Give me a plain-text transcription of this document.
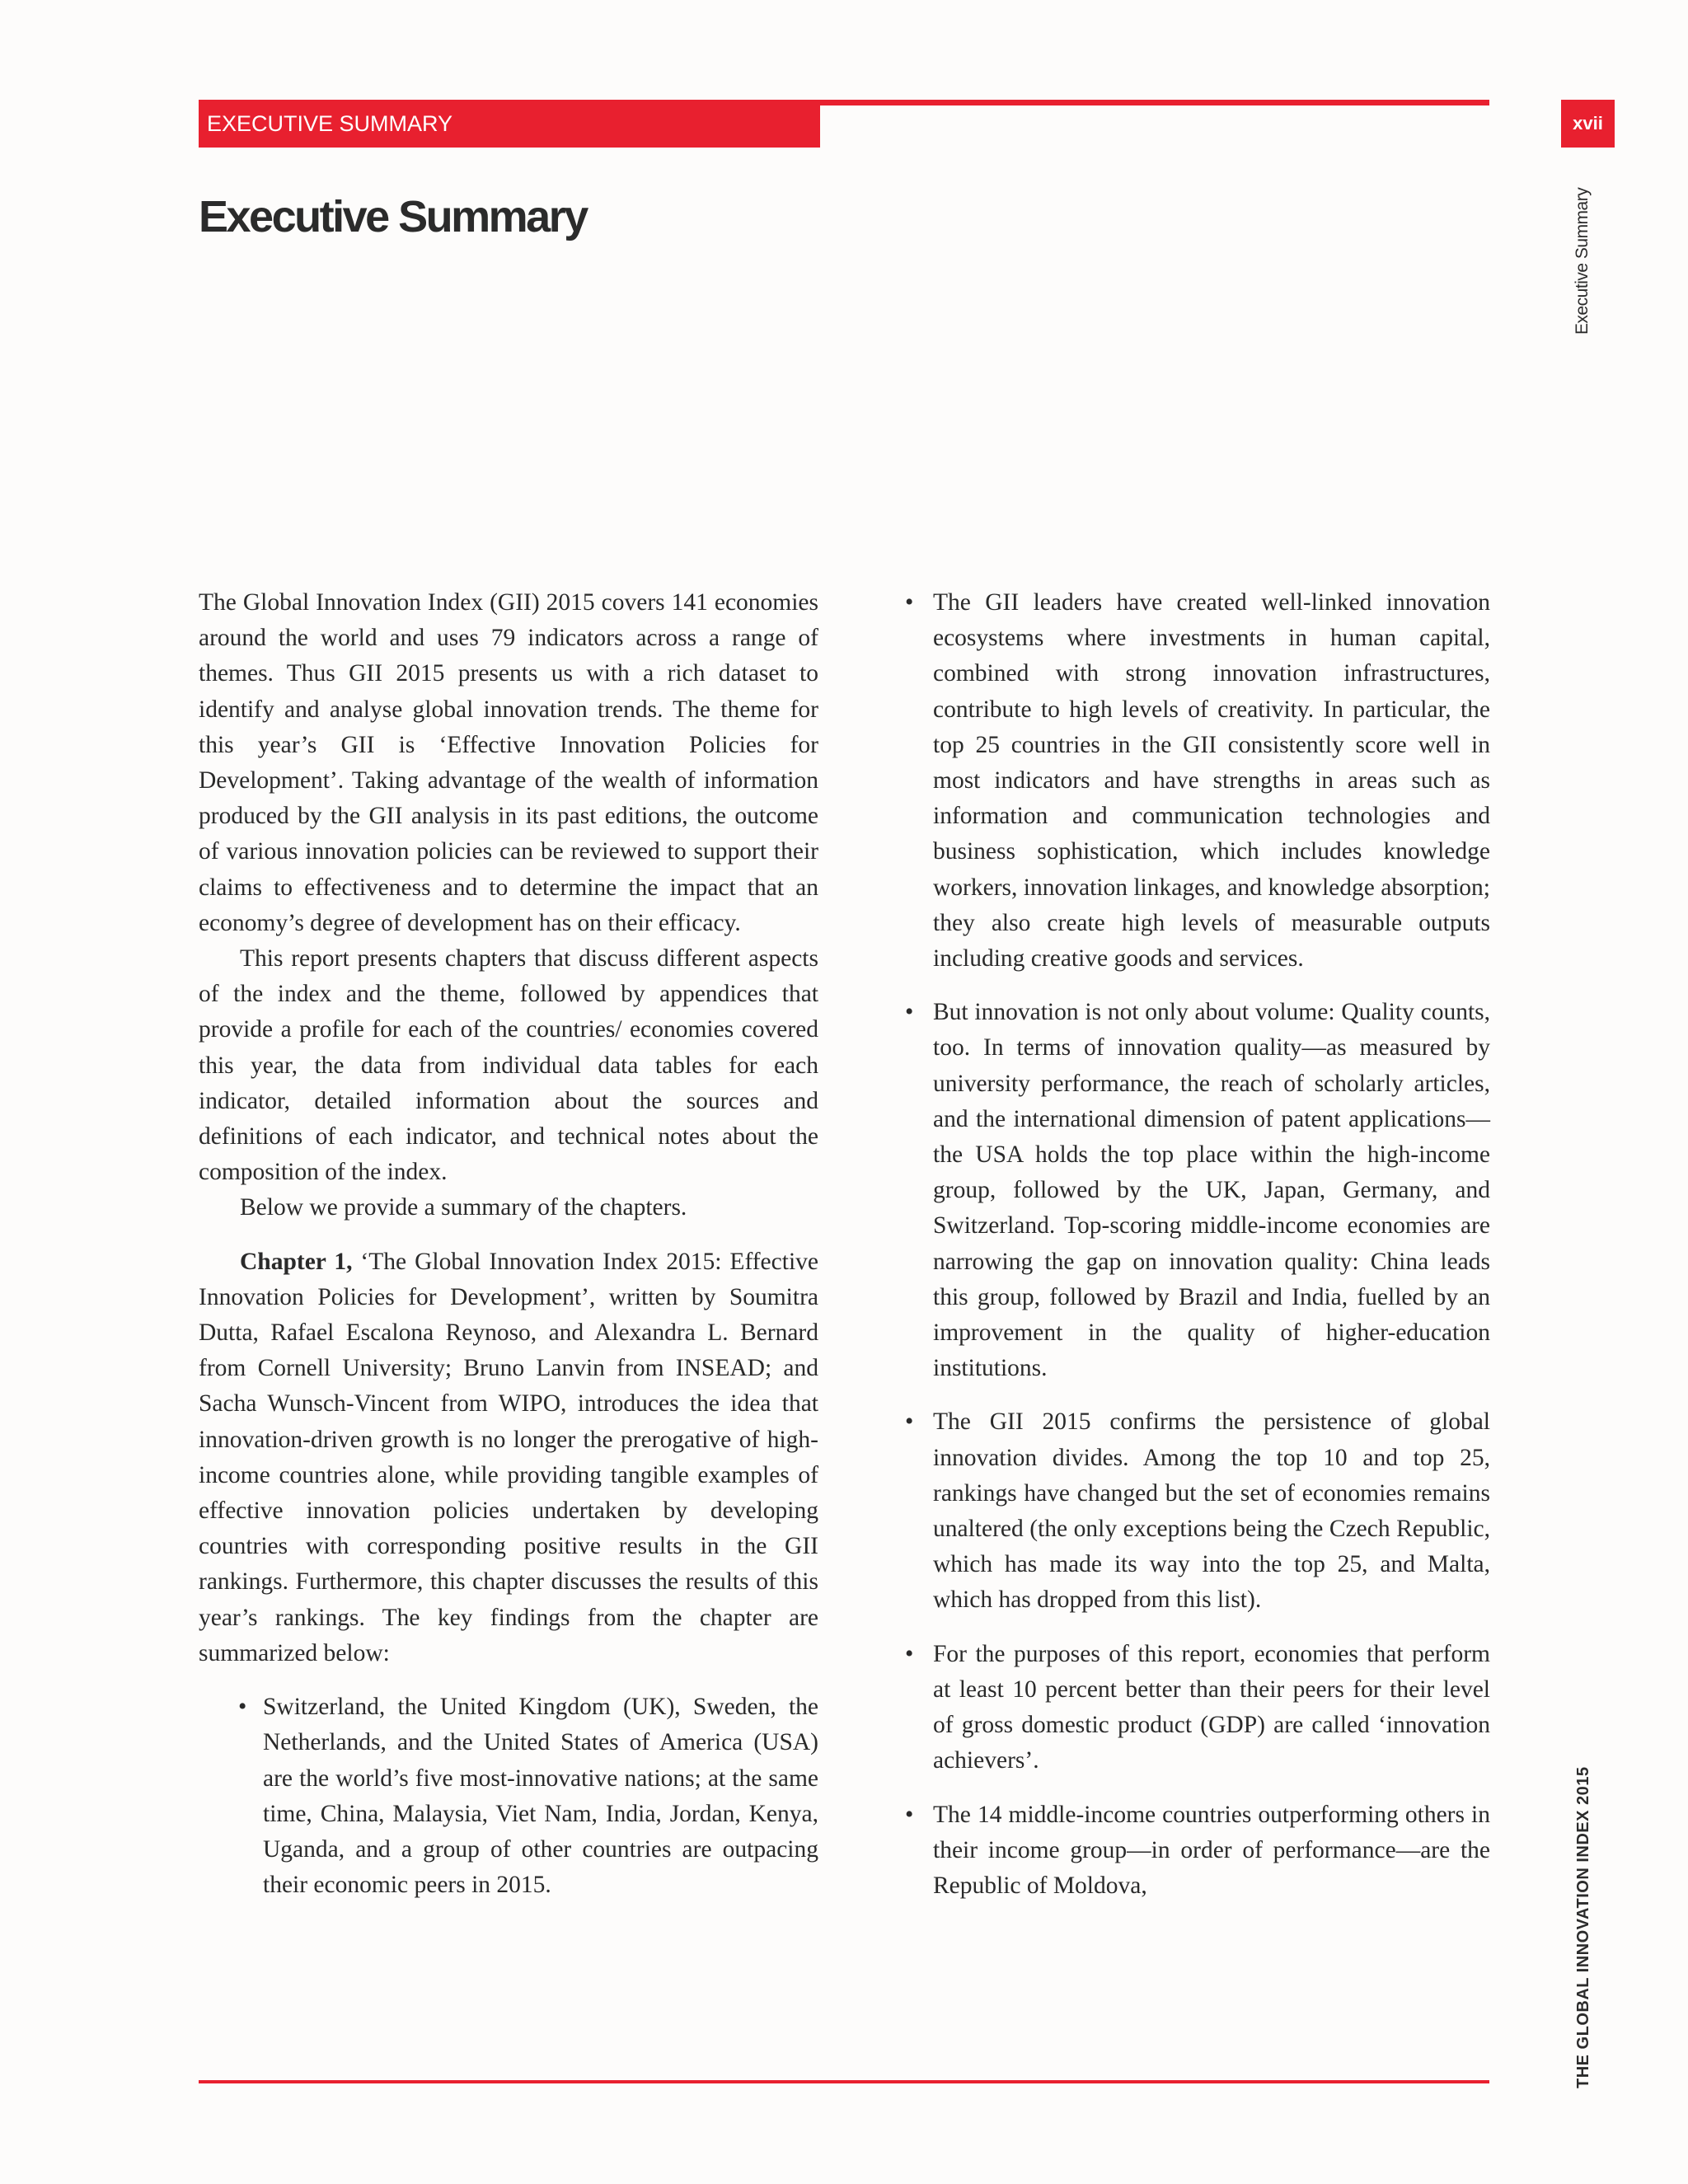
EXECUTIVE SUMMARY	xvii
Executive Summary	Executive Summary
THE GLOBAL INNOVATION INDEX 2015

The Global Innovation Index (GII) 2015 covers 141 economies around the world and uses 79 indicators across a range of themes. Thus GII 2015 presents us with a rich dataset to identify and analyse global innovation trends. The theme for this year’s GII is ‘Effective Innovation Policies for Development’. Taking advantage of the wealth of information produced by the GII analysis in its past editions, the outcome of various innovation policies can be reviewed to support their claims to effectiveness and to determine the impact that an economy’s degree of development has on their efficacy.

This report presents chapters that discuss different aspects of the index and the theme, followed by appendices that provide a profile for each of the countries/ economies covered this year, the data from individual data tables for each indicator, detailed information about the sources and definitions of each indicator, and technical notes about the composition of the index.

Below we provide a summary of the chapters.

Chapter 1, ‘The Global Innovation Index 2015: Effective Innovation Policies for Development’, written by Soumitra Dutta, Rafael Escalona Reynoso, and Alexandra L. Bernard from Cornell University; Bruno Lanvin from INSEAD; and Sacha Wunsch-Vincent from WIPO, introduces the idea that innovation-driven growth is no longer the prerogative of high-income countries alone, while providing tangible examples of effective innovation policies undertaken by developing countries with corresponding positive results in the GII rankings. Furthermore, this chapter discusses the results of this year’s rankings. The key findings from the chapter are summarized below:

• Switzerland, the United Kingdom (UK), Sweden, the Netherlands, and the United States of America (USA) are the world’s five most-innovative nations; at the same time, China, Malaysia, Viet Nam, India, Jordan, Kenya, Uganda, and a group of other countries are outpacing their economic peers in 2015.
• The GII leaders have created well-linked innovation ecosystems where investments in human capital, combined with strong innovation infrastructures, contribute to high levels of creativity. In particular, the top 25 countries in the GII consistently score well in most indicators and have strengths in areas such as information and communication technologies and business sophistication, which includes knowledge workers, innovation linkages, and knowledge absorption; they also create high levels of measurable outputs including creative goods and services.
• But innovation is not only about volume: Quality counts, too. In terms of innovation quality—as measured by university performance, the reach of scholarly articles, and the international dimension of patent applications—the USA holds the top place within the high-income group, followed by the UK, Japan, Germany, and Switzerland. Top-scoring middle-income economies are narrowing the gap on innovation quality: China leads this group, followed by Brazil and India, fuelled by an improvement in the quality of higher-education institutions.
• The GII 2015 confirms the persistence of global innovation divides. Among the top 10 and top 25, rankings have changed but the set of economies remains unaltered (the only exceptions being the Czech Republic, which has made its way into the top 25, and Malta, which has dropped from this list).
• For the purposes of this report, economies that perform at least 10 percent better than their peers for their level of gross domestic product (GDP) are called ‘innovation achievers’.
• The 14 middle-income countries outperforming others in their income group—in order of performance—are the Republic of Moldova,
